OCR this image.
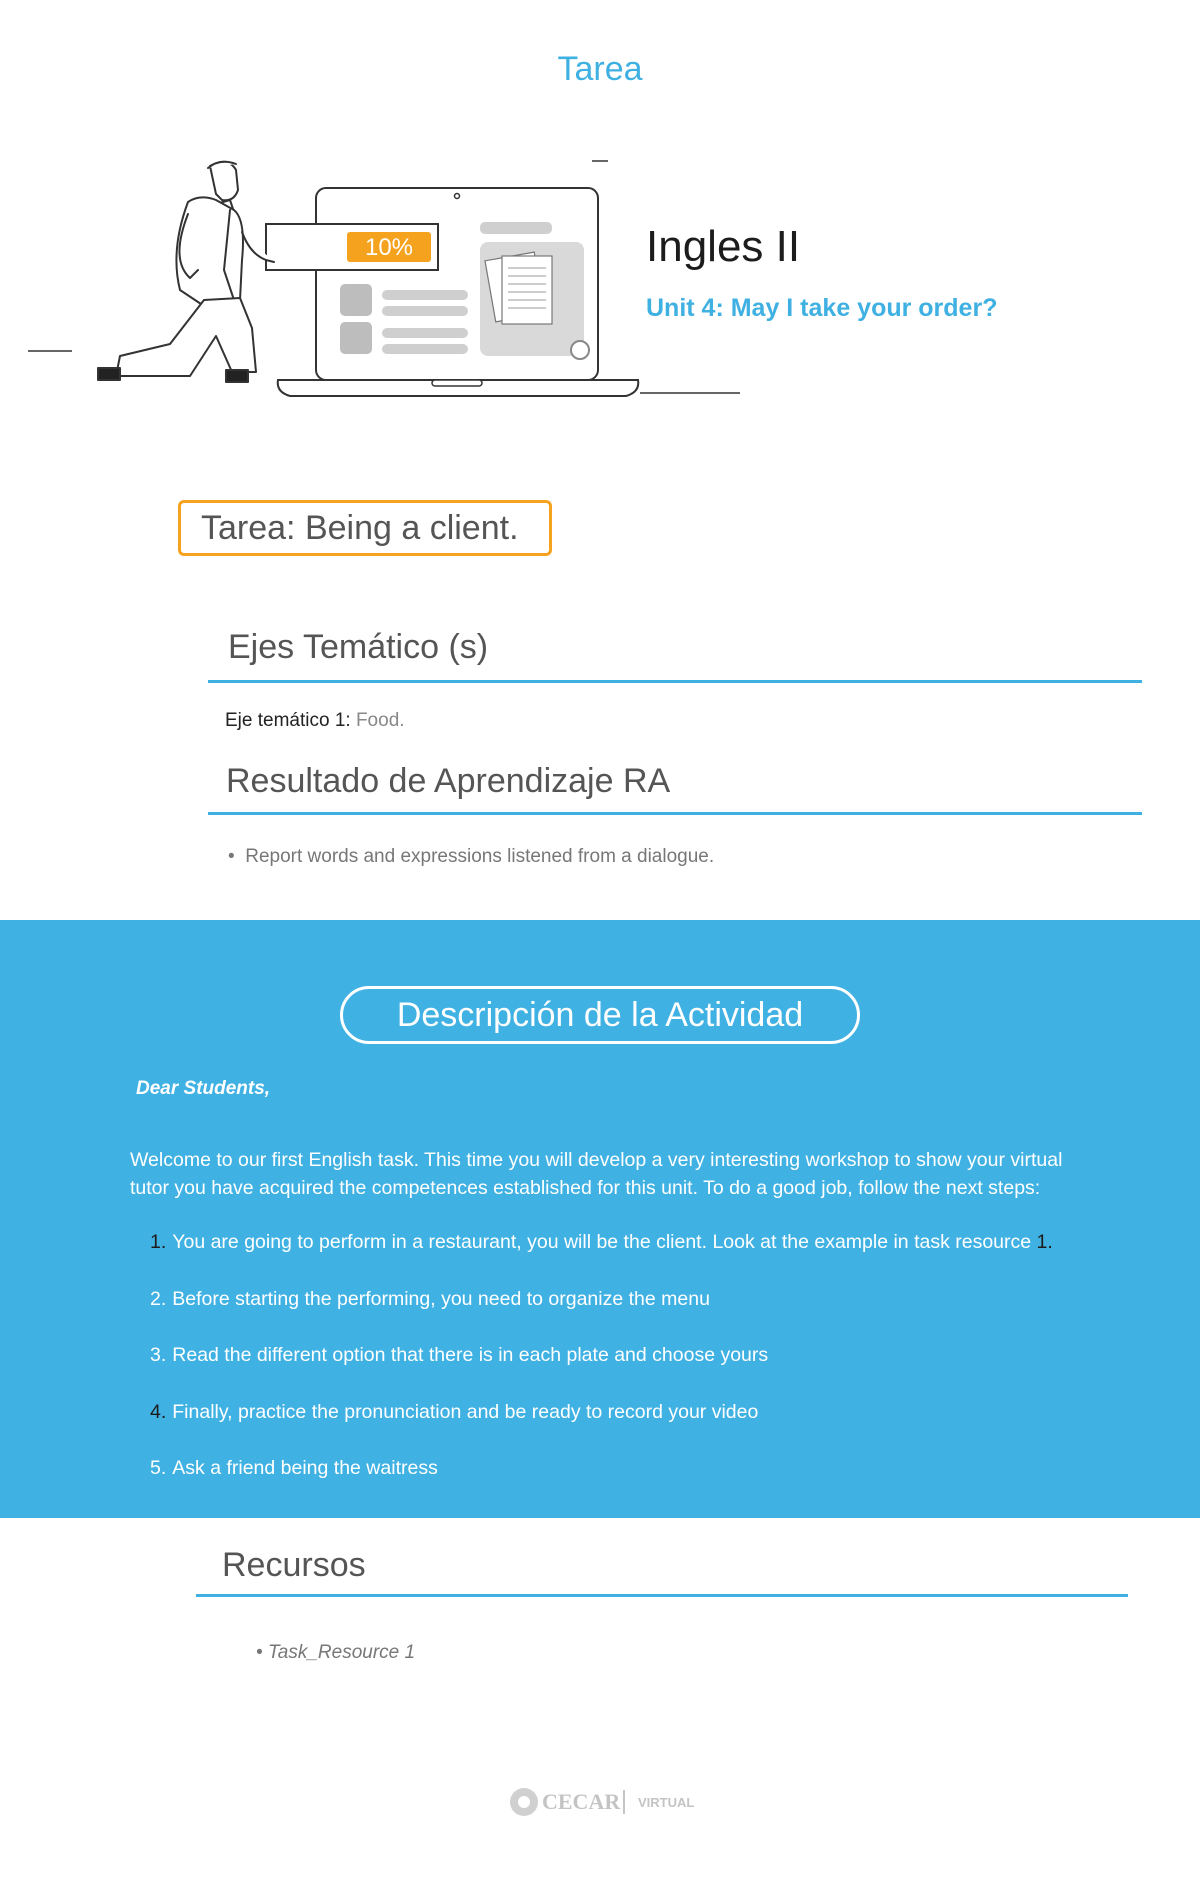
Tarea
10%	Ingles II
Unit 4: May I take your order?
Tarea: Being a client.
Ejes Temático (s)
Eje temático 1: Food.
Resultado de Aprendizaje RA
•  Report words and expressions listened from a dialogue.
Descripción de la Actividad
Dear Students,
Welcome to our first English task. This time you will develop a very interesting workshop to show your virtual tutor you have acquired the competences established for this unit. To do a good job, follow the next steps:
1. You are going to perform in a restaurant, you will be the client. Look at the example in task resource 1.
2. Before starting the performing, you need to organize the menu
3. Read the different option that there is in each plate and choose yours
4. Finally, practice the pronunciation and be ready to record your video
5. Ask a friend being the waitress
Recursos
• Task_Resource 1
CECAR VIRTUAL
